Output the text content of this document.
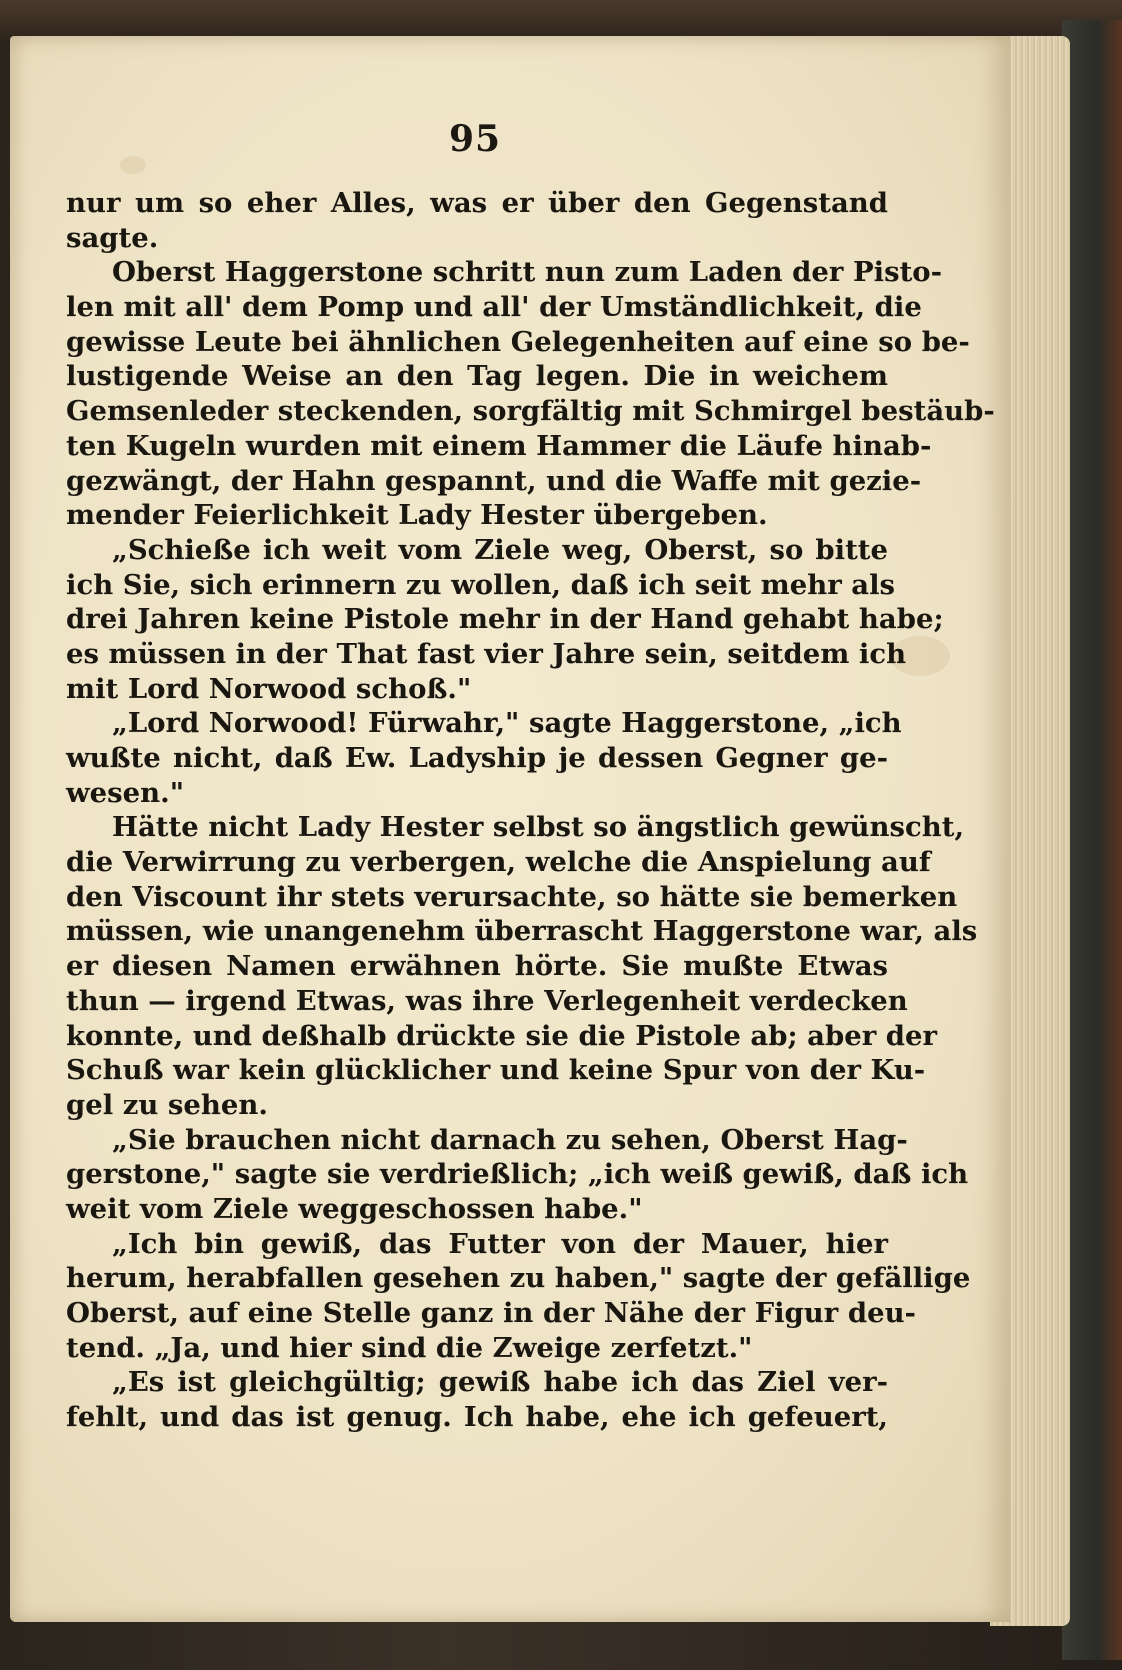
95
nur um so eher Alles, was er über den Gegenstand
sagte.
Oberst Haggerstone schritt nun zum Laden der Pisto-
len mit all' dem Pomp und all' der Umständlichkeit, die
gewisse Leute bei ähnlichen Gelegenheiten auf eine so be-
lustigende Weise an den Tag legen. Die in weichem
Gemsenleder steckenden, sorgfältig mit Schmirgel bestäub-
ten Kugeln wurden mit einem Hammer die Läufe hinab-
gezwängt, der Hahn gespannt, und die Waffe mit gezie-
mender Feierlichkeit Lady Hester übergeben.
„Schieße ich weit vom Ziele weg, Oberst, so bitte
ich Sie, sich erinnern zu wollen, daß ich seit mehr als
drei Jahren keine Pistole mehr in der Hand gehabt habe;
es müssen in der That fast vier Jahre sein, seitdem ich
mit Lord Norwood schoß."
„Lord Norwood! Fürwahr," sagte Haggerstone, „ich
wußte nicht, daß Ew. Ladyship je dessen Gegner ge-
wesen."
Hätte nicht Lady Hester selbst so ängstlich gewünscht,
die Verwirrung zu verbergen, welche die Anspielung auf
den Viscount ihr stets verursachte, so hätte sie bemerken
müssen, wie unangenehm überrascht Haggerstone war, als
er diesen Namen erwähnen hörte. Sie mußte Etwas
thun — irgend Etwas, was ihre Verlegenheit verdecken
konnte, und deßhalb drückte sie die Pistole ab; aber der
Schuß war kein glücklicher und keine Spur von der Ku-
gel zu sehen.
„Sie brauchen nicht darnach zu sehen, Oberst Hag-
gerstone," sagte sie verdrießlich; „ich weiß gewiß, daß ich
weit vom Ziele weggeschossen habe."
„Ich bin gewiß, das Futter von der Mauer, hier
herum, herabfallen gesehen zu haben," sagte der gefällige
Oberst, auf eine Stelle ganz in der Nähe der Figur deu-
tend. „Ja, und hier sind die Zweige zerfetzt."
„Es ist gleichgültig; gewiß habe ich das Ziel ver-
fehlt, und das ist genug. Ich habe, ehe ich gefeuert,
